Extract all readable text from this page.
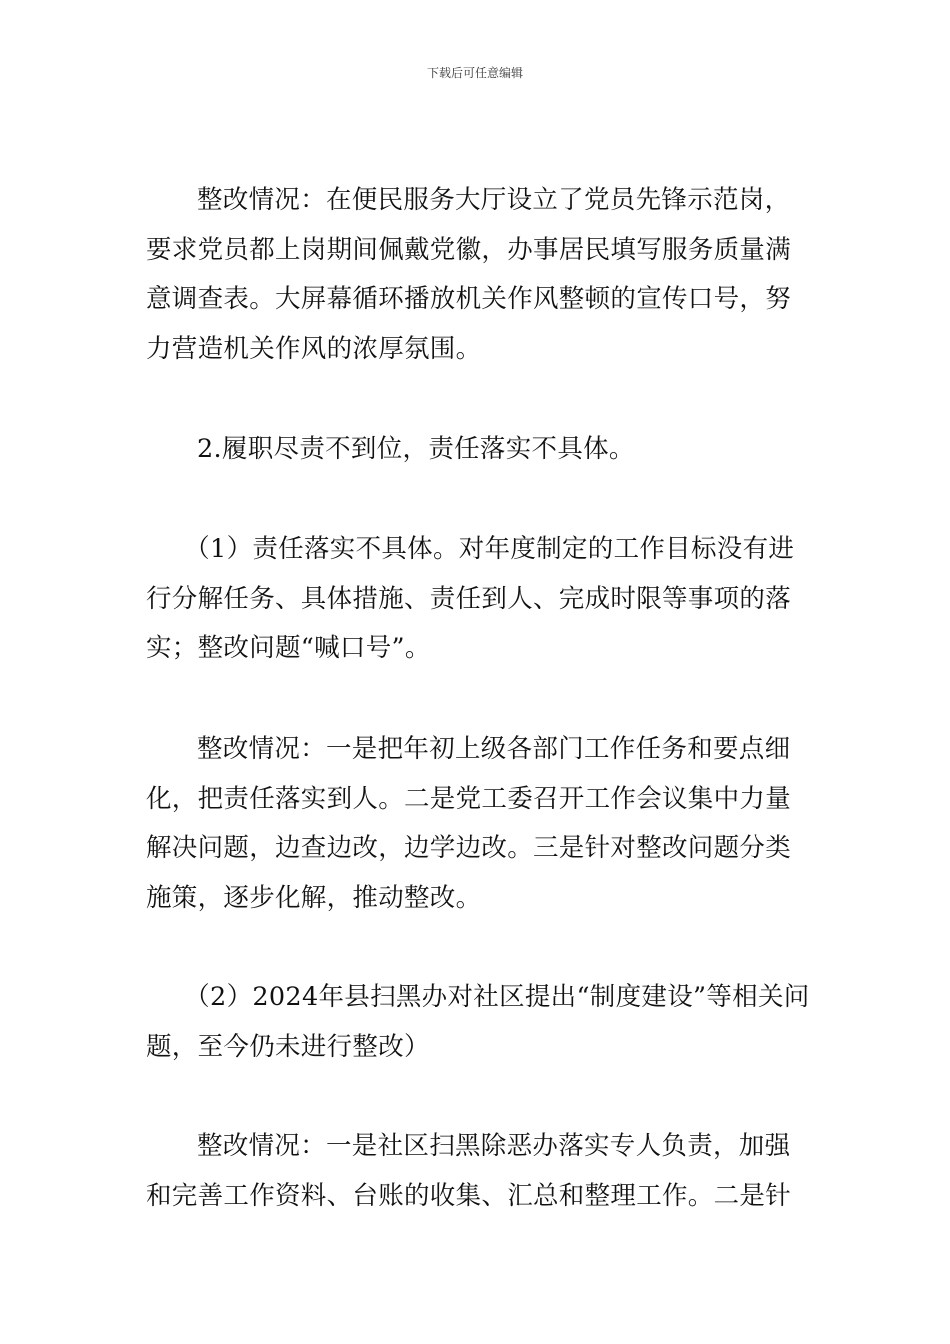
下载后可任意编辑

整改情况：在便民服务大厅设立了党员先锋示范岗，要求党员都上岗期间佩戴党徽，办事居民填写服务质量满意调查表。大屏幕循环播放机关作风整顿的宣传口号，努力营造机关作风的浓厚氛围。

2.履职尽责不到位，责任落实不具体。

（1）责任落实不具体。对年度制定的工作目标没有进行分解任务、具体措施、责任到人、完成时限等事项的落实；整改问题“喊口号”。

整改情况：一是把年初上级各部门工作任务和要点细化，把责任落实到人。二是党工委召开工作会议集中力量解决问题，边查边改，边学边改。三是针对整改问题分类施策，逐步化解，推动整改。

（2）2024年县扫黑办对社区提出“制度建设”等相关问题，至今仍未进行整改）

整改情况：一是社区扫黑除恶办落实专人负责，加强和完善工作资料、台账的收集、汇总和整理工作。二是针
